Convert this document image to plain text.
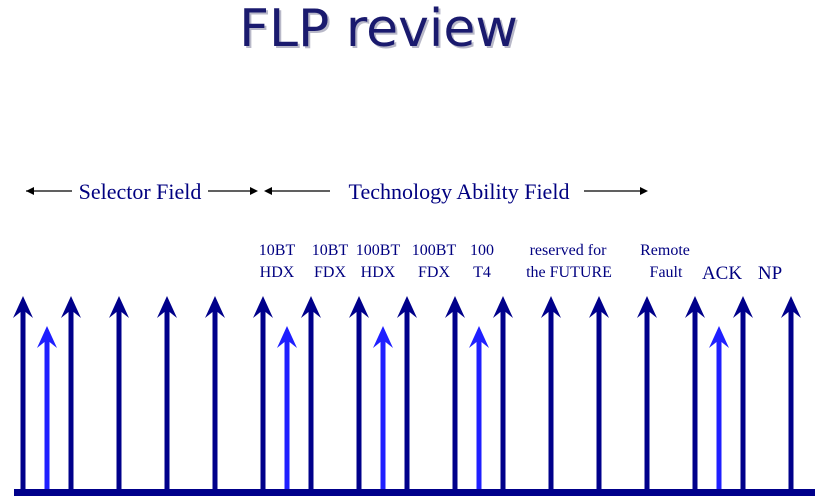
FLP review
Selector Field	Technology Ability Field
10BT
HDX
10BT
FDX
100BT
HDX
100BT
FDX
100
T4
reserved for
the FUTURE
Remote
Fault ACK NP
